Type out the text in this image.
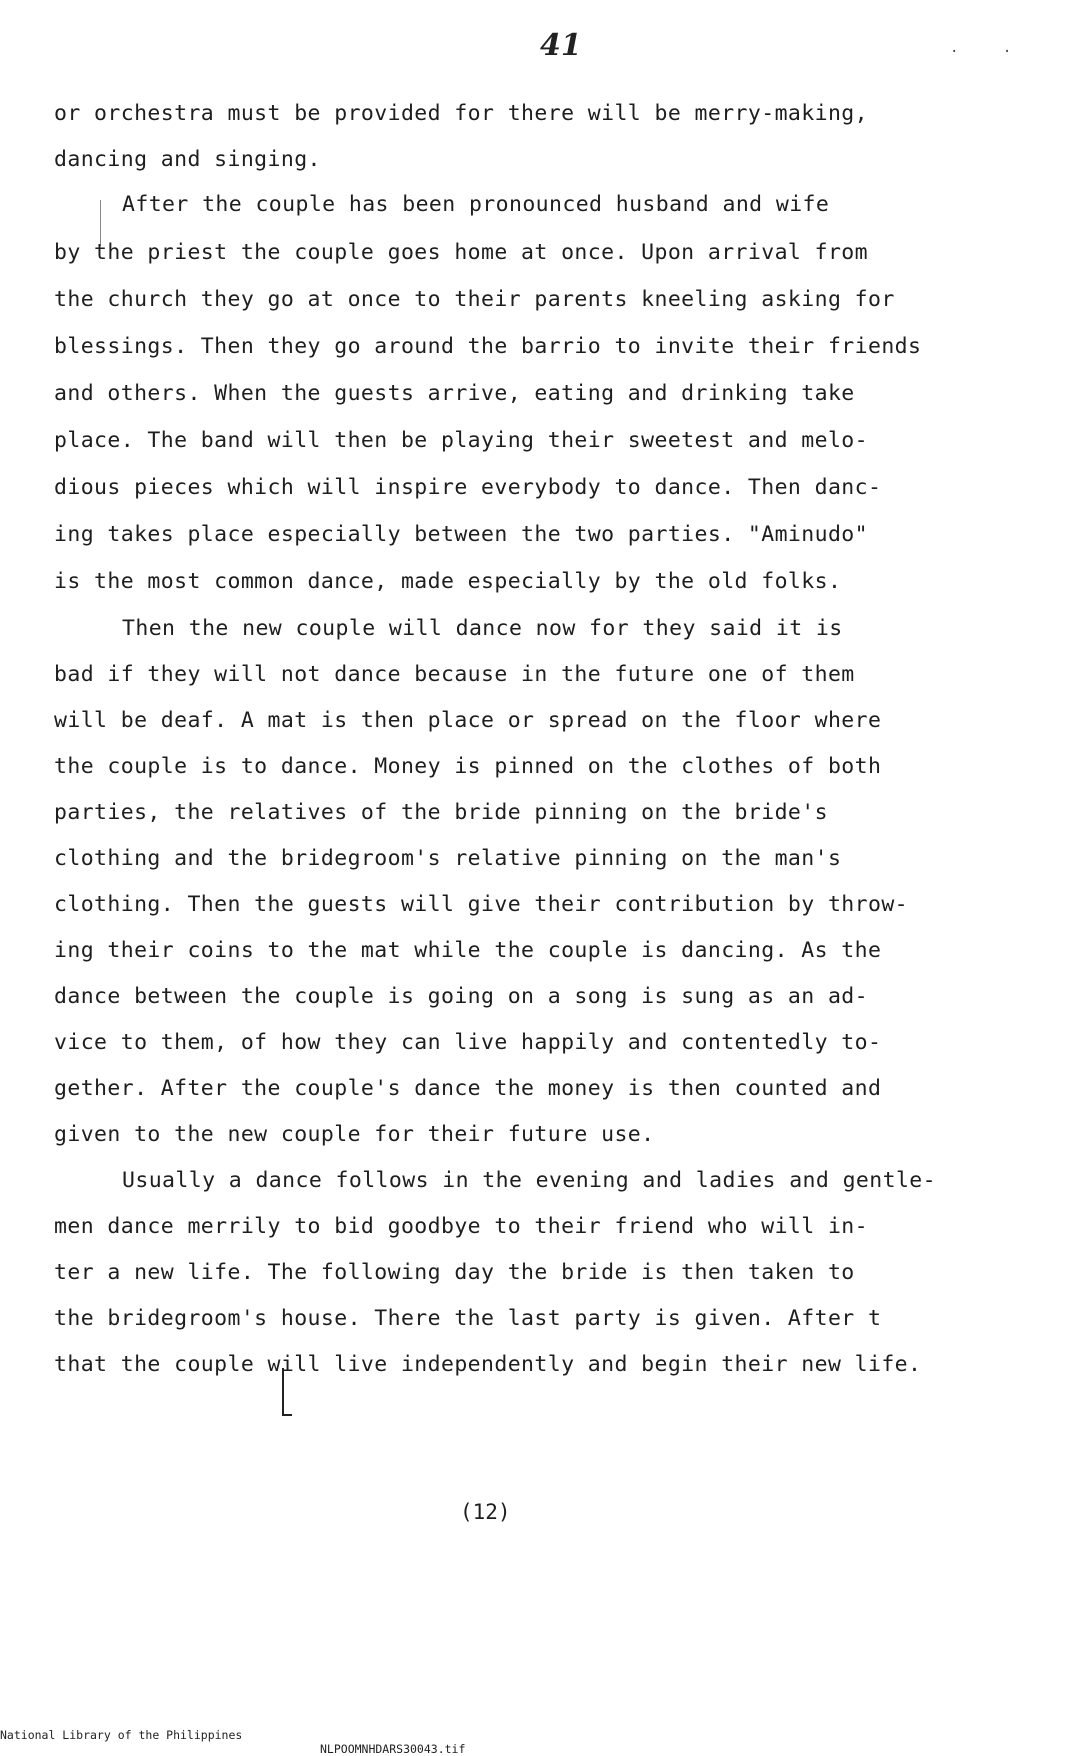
41	· ·
or orchestra must be provided for there will be merry-making,
dancing and singing.
After the couple has been pronounced husband and wife
by the priest the couple goes home at once. Upon arrival from
the church they go at once to their parents kneeling asking for
blessings. Then they go around the barrio to invite their friends
and others. When the guests arrive, eating and drinking take
place. The band will then be playing their sweetest and melo-
dious pieces which will inspire everybody to dance. Then danc-
ing takes place especially between the two parties. "Aminudo"
is the most common dance, made especially by the old folks.
Then the new couple will dance now for they said it is
bad if they will not dance because in the future one of them
will be deaf. A mat is then place or spread on the floor where
the couple is to dance. Money is pinned on the clothes of both
parties, the relatives of the bride pinning on the bride's
clothing and the bridegroom's relative pinning on the man's
clothing. Then the guests will give their contribution by throw-
ing their coins to the mat while the couple is dancing. As the
dance between the couple is going on a song is sung as an ad-
vice to them, of how they can live happily and contentedly to-
gether. After the couple's dance the money is then counted and
given to the new couple for their future use.
Usually a dance follows in the evening and ladies and gentle-
men dance merrily to bid goodbye to their friend who will in-
ter a new life. The following day the bride is then taken to
the bridegroom's house. There the last party is given. After t
that the couple will live independently and begin their new life.
(12)

National Library of the Philippines

NLPOOMNHDARS30043.tif
